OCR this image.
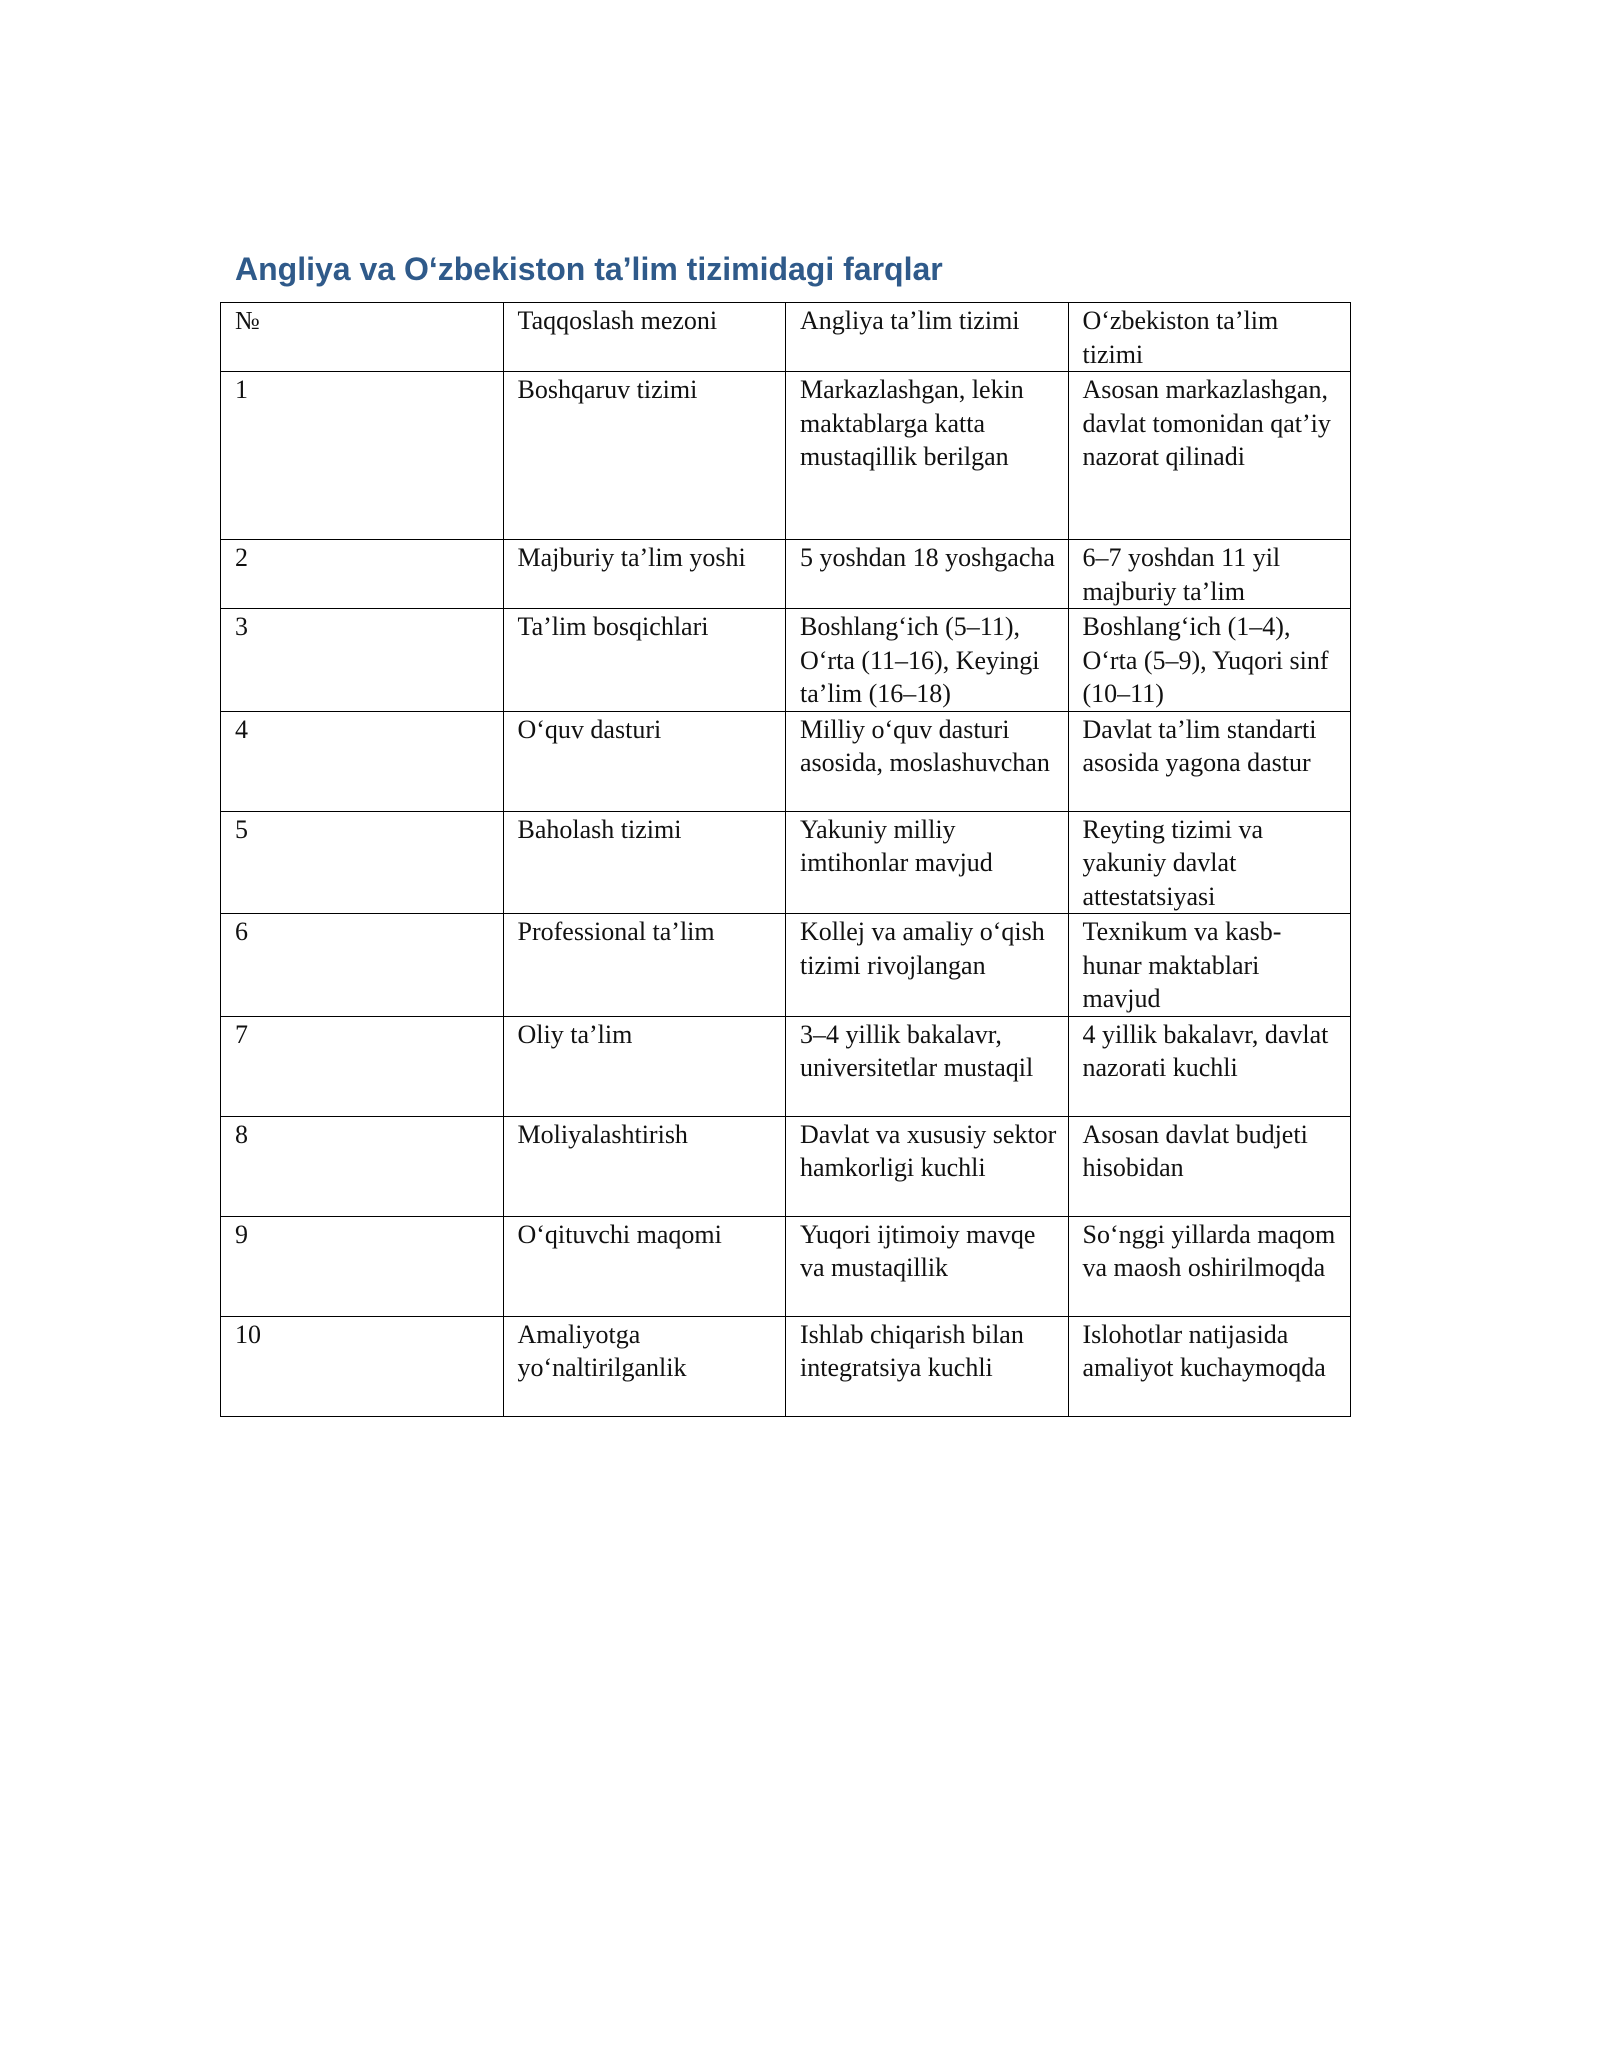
Angliya va O‘zbekiston ta’lim tizimidagi farqlar
№	Taqqoslash mezoni	Angliya ta’lim tizimi	O‘zbekiston ta’lim tizimi
1	Boshqaruv tizimi	Markazlashgan, lekin maktablarga katta mustaqillik berilgan	Asosan markazlashgan, davlat tomonidan qat’iy nazorat qilinadi
2	Majburiy ta’lim yoshi	5 yoshdan 18 yoshgacha	6–7 yoshdan 11 yil majburiy ta’lim
3	Ta’lim bosqichlari	Boshlang‘ich (5–11), O‘rta (11–16), Keyingi ta’lim (16–18)	Boshlang‘ich (1–4), O‘rta (5–9), Yuqori sinf (10–11)
4	O‘quv dasturi	Milliy o‘quv dasturi asosida, moslashuvchan	Davlat ta’lim standarti asosida yagona dastur
5	Baholash tizimi	Yakuniy milliy imtihonlar mavjud	Reyting tizimi va yakuniy davlat attestatsiyasi
6	Professional ta’lim	Kollej va amaliy o‘qish tizimi rivojlangan	Texnikum va kasb-hunar maktablari mavjud
7	Oliy ta’lim	3–4 yillik bakalavr, universitetlar mustaqil	4 yillik bakalavr, davlat nazorati kuchli
8	Moliyalashtirish	Davlat va xususiy sektor hamkorligi kuchli	Asosan davlat budjeti hisobidan
9	O‘qituvchi maqomi	Yuqori ijtimoiy mavqe va mustaqillik	So‘nggi yillarda maqom va maosh oshirilmoqda
10	Amaliyotga yo‘naltirilganlik	Ishlab chiqarish bilan integratsiya kuchli	Islohotlar natijasida amaliyot kuchaymoqda
